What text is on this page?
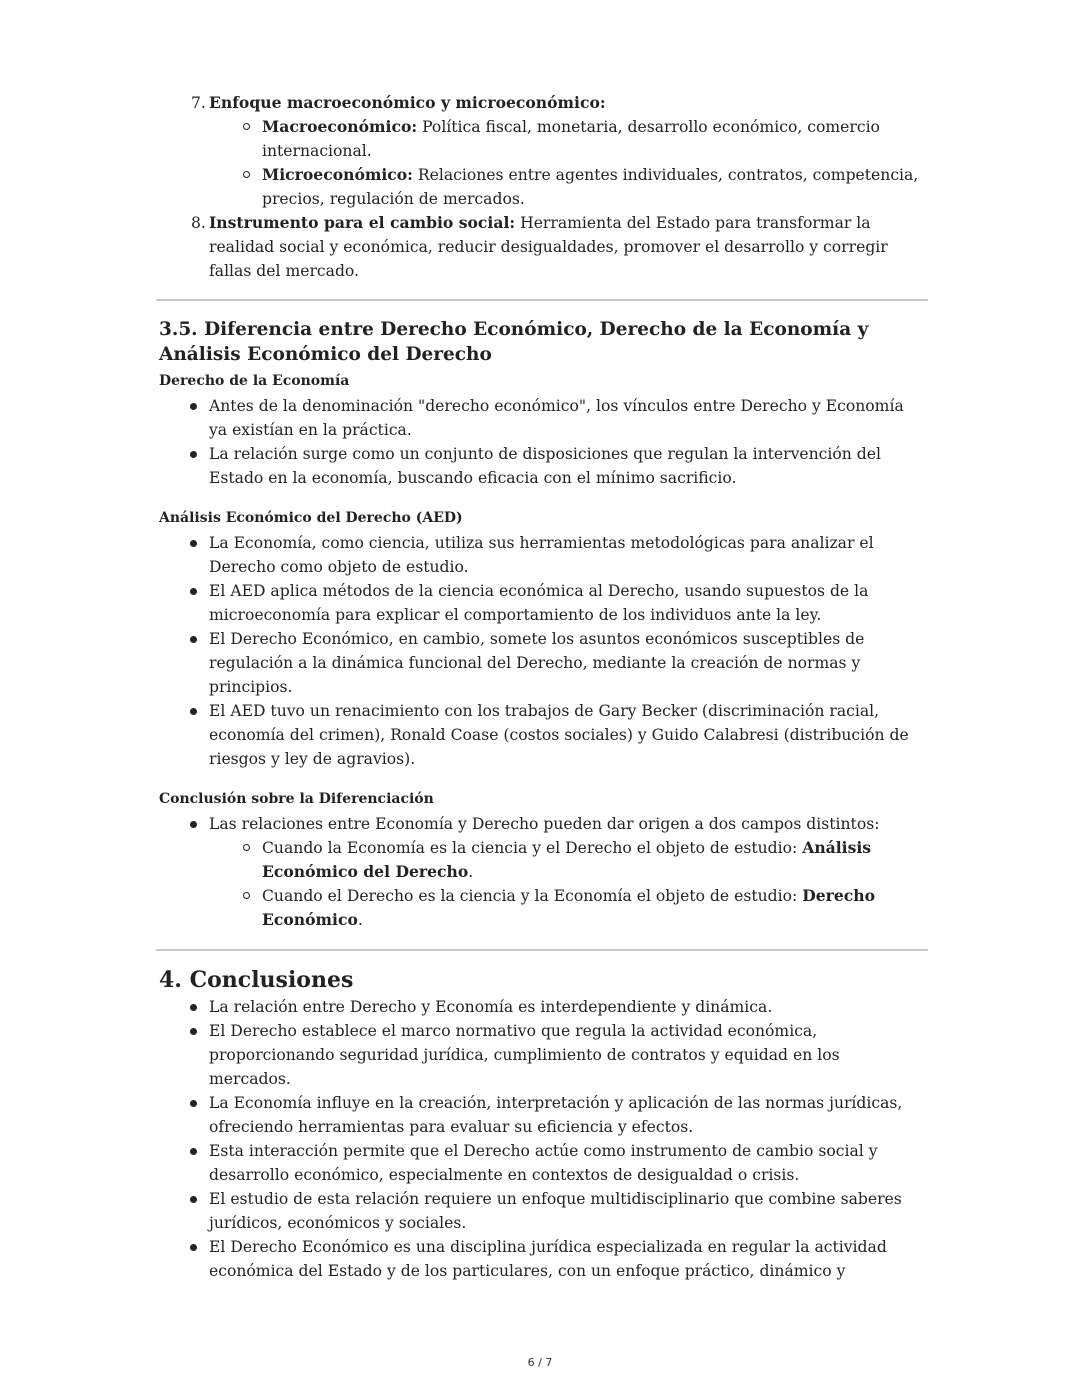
7. Enfoque macroeconómico y microeconómico:
Macroeconómico: Política fiscal, monetaria, desarrollo económico, comercio internacional.
Microeconómico: Relaciones entre agentes individuales, contratos, competencia, precios, regulación de mercados.
8. Instrumento para el cambio social: Herramienta del Estado para transformar la realidad social y económica, reducir desigualdades, promover el desarrollo y corregir fallas del mercado.
3.5. Diferencia entre Derecho Económico, Derecho de la Economía y Análisis Económico del Derecho
Derecho de la Economía
Antes de la denominación "derecho económico", los vínculos entre Derecho y Economía ya existían en la práctica.
La relación surge como un conjunto de disposiciones que regulan la intervención del Estado en la economía, buscando eficacia con el mínimo sacrificio.
Análisis Económico del Derecho (AED)
La Economía, como ciencia, utiliza sus herramientas metodológicas para analizar el Derecho como objeto de estudio.
El AED aplica métodos de la ciencia económica al Derecho, usando supuestos de la microeconomía para explicar el comportamiento de los individuos ante la ley.
El Derecho Económico, en cambio, somete los asuntos económicos susceptibles de regulación a la dinámica funcional del Derecho, mediante la creación de normas y principios.
El AED tuvo un renacimiento con los trabajos de Gary Becker (discriminación racial, economía del crimen), Ronald Coase (costos sociales) y Guido Calabresi (distribución de riesgos y ley de agravios).
Conclusión sobre la Diferenciación
Las relaciones entre Economía y Derecho pueden dar origen a dos campos distintos:
Cuando la Economía es la ciencia y el Derecho el objeto de estudio: Análisis Económico del Derecho.
Cuando el Derecho es la ciencia y la Economía el objeto de estudio: Derecho Económico.
4. Conclusiones
La relación entre Derecho y Economía es interdependiente y dinámica.
El Derecho establece el marco normativo que regula la actividad económica, proporcionando seguridad jurídica, cumplimiento de contratos y equidad en los mercados.
La Economía influye en la creación, interpretación y aplicación de las normas jurídicas, ofreciendo herramientas para evaluar su eficiencia y efectos.
Esta interacción permite que el Derecho actúe como instrumento de cambio social y desarrollo económico, especialmente en contextos de desigualdad o crisis.
El estudio de esta relación requiere un enfoque multidisciplinario que combine saberes jurídicos, económicos y sociales.
El Derecho Económico es una disciplina jurídica especializada en regular la actividad económica del Estado y de los particulares, con un enfoque práctico, dinámico y
6 / 7
